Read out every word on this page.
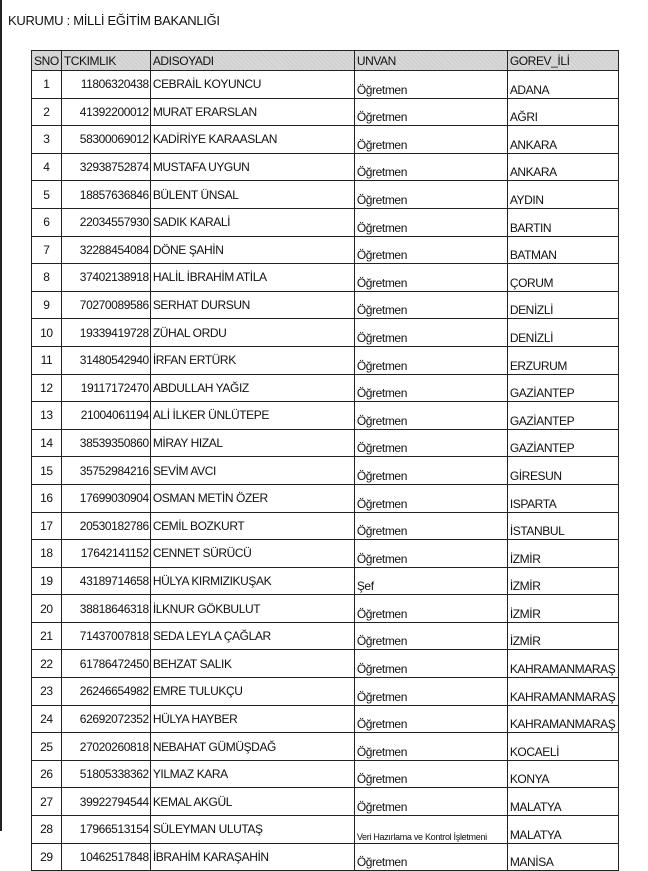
KURUMU : MİLLİ EĞİTİM BAKANLIĞI
SNO	TCKIMLIK	ADISOYADI	UNVAN	GOREV_İLİ
1	11806320438	CEBRAİL KOYUNCU	Öğretmen	ADANA
2	41392200012	MURAT ERARSLAN	Öğretmen	AĞRI
3	58300069012	KADİRİYE KARAASLAN	Öğretmen	ANKARA
4	32938752874	MUSTAFA UYGUN	Öğretmen	ANKARA
5	18857636846	BÜLENT ÜNSAL	Öğretmen	AYDIN
6	22034557930	SADIK KARALİ	Öğretmen	BARTIN
7	32288454084	DÖNE ŞAHİN	Öğretmen	BATMAN
8	37402138918	HALİL İBRAHİM ATİLA	Öğretmen	ÇORUM
9	70270089586	SERHAT DURSUN	Öğretmen	DENİZLİ
10	19339419728	ZÜHAL ORDU	Öğretmen	DENİZLİ
11	31480542940	İRFAN ERTÜRK	Öğretmen	ERZURUM
12	19117172470	ABDULLAH YAĞIZ	Öğretmen	GAZİANTEP
13	21004061194	ALİ İLKER ÜNLÜTEPE	Öğretmen	GAZİANTEP
14	38539350860	MİRAY HIZAL	Öğretmen	GAZİANTEP
15	35752984216	SEVİM AVCI	Öğretmen	GİRESUN
16	17699030904	OSMAN METİN ÖZER	Öğretmen	ISPARTA
17	20530182786	CEMİL BOZKURT	Öğretmen	İSTANBUL
18	17642141152	CENNET SÜRÜCÜ	Öğretmen	İZMİR
19	43189714658	HÜLYA KIRMIZIKUŞAK	Şef	İZMİR
20	38818646318	İLKNUR GÖKBULUT	Öğretmen	İZMİR
21	71437007818	SEDA LEYLA ÇAĞLAR	Öğretmen	İZMİR
22	61786472450	BEHZAT SALIK	Öğretmen	KAHRAMANMARAŞ
23	26246654982	EMRE TULUKÇU	Öğretmen	KAHRAMANMARAŞ
24	62692072352	HÜLYA HAYBER	Öğretmen	KAHRAMANMARAŞ
25	27020260818	NEBAHAT GÜMÜŞDAĞ	Öğretmen	KOCAELİ
26	51805338362	YILMAZ KARA	Öğretmen	KONYA
27	39922794544	KEMAL AKGÜL	Öğretmen	MALATYA
28	17966513154	SÜLEYMAN ULUTAŞ	Veri Hazırlama ve Kontrol İşletmeni	MALATYA
29	10462517848	İBRAHİM KARAŞAHİN	Öğretmen	MANİSA
